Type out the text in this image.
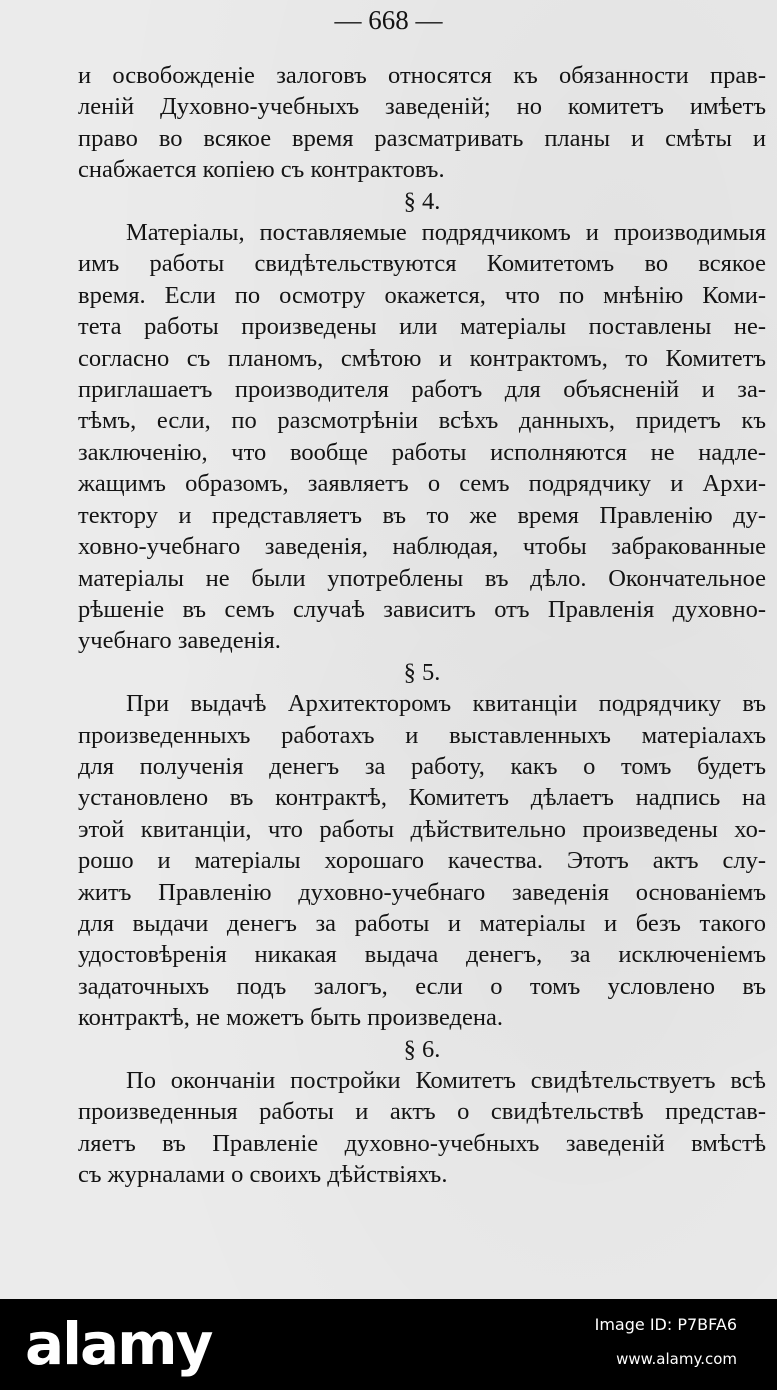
— 668 —

и освобожденіе залоговъ относятся къ обязанности прав-

леній Духовно-учебныхъ заведеній; но комитетъ имѣетъ

право во всякое время разсматривать планы и смѣты и

снабжается копіею съ контрактовъ.

§ 4.

Матеріалы, поставляемые подрядчикомъ и производимыя

имъ работы свидѣтельствуются Комитетомъ во всякое

время. Если по осмотру окажется, что по мнѣнію Коми-

тета работы произведены или матеріалы поставлены не-

согласно съ планомъ, смѣтою и контрактомъ, то Комитетъ

приглашаетъ производителя работъ для объясненій и за-

тѣмъ, если, по разсмотрѣніи всѣхъ данныхъ, придетъ къ

заключенію, что вообще работы исполняются не надле-

жащимъ образомъ, заявляетъ о семъ подрядчику и Архи-

тектору и представляетъ въ то же время Правленію ду-

ховно-учебнаго заведенія, наблюдая, чтобы забракованные

матеріалы не были употреблены въ дѣло. Окончательное

рѣшеніе въ семъ случаѣ зависитъ отъ Правленія духовно-

учебнаго заведенія.

§ 5.

При выдачѣ Архитекторомъ квитанціи подрядчику въ

произведенныхъ работахъ и выставленныхъ матеріалахъ

для полученія денегъ за работу, какъ о томъ будетъ

установлено въ контрактѣ, Комитетъ дѣлаетъ надпись на

этой квитанціи, что работы дѣйствительно произведены хо-

рошо и матеріалы хорошаго качества. Этотъ актъ слу-

житъ Правленію духовно-учебнаго заведенія основаніемъ

для выдачи денегъ за работы и матеріалы и безъ такого

удостовѣренія никакая выдача денегъ, за исключеніемъ

задаточныхъ подъ залогъ, если о томъ условлено въ

контрактѣ, не можетъ быть произведена.

§ 6.

По окончаніи постройки Комитетъ свидѣтельствуетъ всѣ

произведенныя работы и актъ о свидѣтельствѣ представ-

ляетъ въ Правленіе духовно-учебныхъ заведеній вмѣстѣ

съ журналами о своихъ дѣйствіяхъ.

alamy	Image ID: P7BFA6
www.alamy.com
